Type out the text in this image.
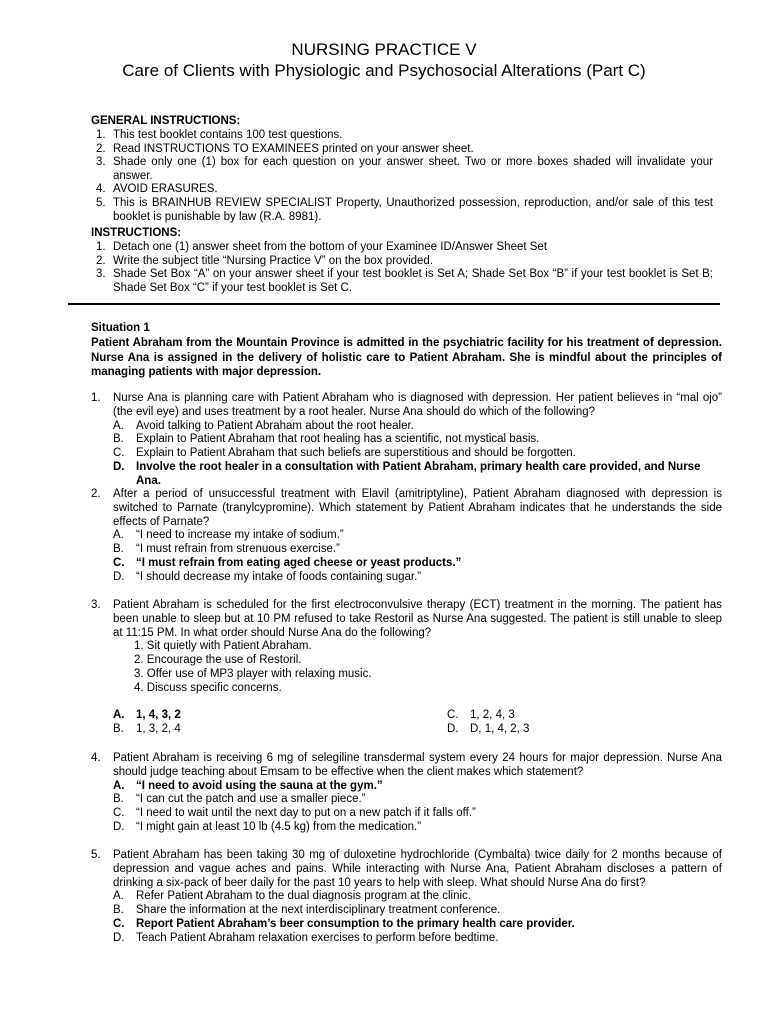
NURSING PRACTICE V
Care of Clients with Physiologic and Psychosocial Alterations (Part C)
GENERAL INSTRUCTIONS:
1. This test booklet contains 100 test questions.
2. Read INSTRUCTIONS TO EXAMINEES printed on your answer sheet.
3. Shade only one (1) box for each question on your answer sheet. Two or more boxes shaded will invalidate your answer.
4. AVOID ERASURES.
5. This is BRAINHUB REVIEW SPECIALIST Property, Unauthorized possession, reproduction, and/or sale of this test booklet is punishable by law (R.A. 8981).
INSTRUCTIONS:
1. Detach one (1) answer sheet from the bottom of your Examinee ID/Answer Sheet Set
2. Write the subject title “Nursing Practice V” on the box provided.
3. Shade Set Box “A” on your answer sheet if your test booklet is Set A; Shade Set Box “B” if your test booklet is Set B; Shade Set Box “C” if your test booklet is Set C.
Situation 1
Patient Abraham from the Mountain Province is admitted in the psychiatric facility for his treatment of depression. Nurse Ana is assigned in the delivery of holistic care to Patient Abraham. She is mindful about the principles of managing patients with major depression.
1. Nurse Ana is planning care with Patient Abraham who is diagnosed with depression. Her patient believes in “mal ojo” (the evil eye) and uses treatment by a root healer. Nurse Ana should do which of the following?
A. Avoid talking to Patient Abraham about the root healer.
B. Explain to Patient Abraham that root healing has a scientific, not mystical basis.
C. Explain to Patient Abraham that such beliefs are superstitious and should be forgotten.
D. Involve the root healer in a consultation with Patient Abraham, primary health care provided, and Nurse Ana.
2. After a period of unsuccessful treatment with Elavil (amitriptyline), Patient Abraham diagnosed with depression is switched to Parnate (tranylcypromine). Which statement by Patient Abraham indicates that he understands the side effects of Parnate?
A. “I need to increase my intake of sodium.”
B. “I must refrain from strenuous exercise.”
C. “I must refrain from eating aged cheese or yeast products.”
D. “I should decrease my intake of foods containing sugar.”
3. Patient Abraham is scheduled for the first electroconvulsive therapy (ECT) treatment in the morning. The patient has been unable to sleep but at 10 PM refused to take Restoril as Nurse Ana suggested. The patient is still unable to sleep at 11:15 PM. In what order should Nurse Ana do the following?
1. Sit quietly with Patient Abraham.
2. Encourage the use of Restoril.
3. Offer use of MP3 player with relaxing music.
4. Discuss specific concerns.
A. 1, 4, 3, 2
B. 1, 3, 2, 4
C. 1, 2, 4, 3
D. D, 1, 4, 2, 3
4. Patient Abraham is receiving 6 mg of selegiline transdermal system every 24 hours for major depression. Nurse Ana should judge teaching about Emsam to be effective when the client makes which statement?
A. “I need to avoid using the sauna at the gym.”
B. “I can cut the patch and use a smaller piece.”
C. “I need to wait until the next day to put on a new patch if it falls off.”
D. “I might gain at least 10 lb (4.5 kg) from the medication.”
5. Patient Abraham has been taking 30 mg of duloxetine hydrochloride (Cymbalta) twice daily for 2 months because of depression and vague aches and pains. While interacting with Nurse Ana, Patient Abraham discloses a pattern of drinking a six-pack of beer daily for the past 10 years to help with sleep. What should Nurse Ana do first?
A. Refer Patient Abraham to the dual diagnosis program at the clinic.
B. Share the information at the next interdisciplinary treatment conference.
C. Report Patient Abraham’s beer consumption to the primary health care provider.
D. Teach Patient Abraham relaxation exercises to perform before bedtime.
